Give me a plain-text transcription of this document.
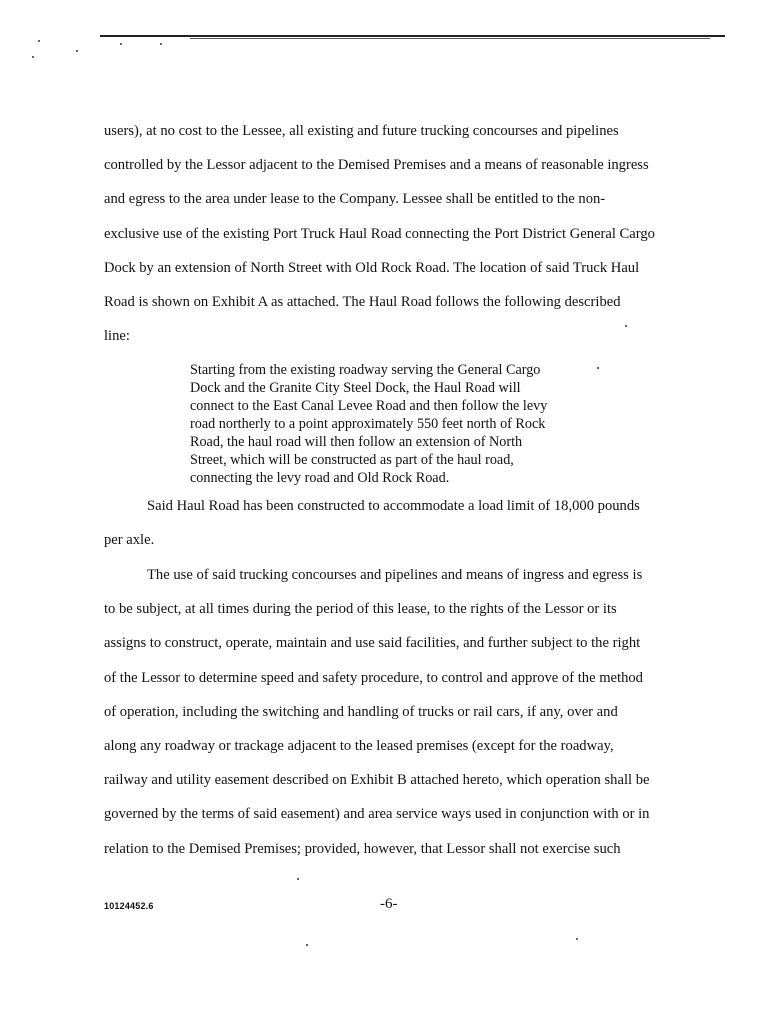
users), at no cost to the Lessee, all existing and future trucking concourses and pipelines

controlled by the Lessor adjacent to the Demised Premises and a means of reasonable ingress

and egress to the area under lease to the Company. Lessee shall be entitled to the non-

exclusive use of the existing Port Truck Haul Road connecting the Port District General Cargo

Dock by an extension of North Street with Old Rock Road. The location of said Truck Haul

Road is shown on Exhibit A as attached. The Haul Road follows the following described

line:

Starting from the existing roadway serving the General Cargo

Dock and the Granite City Steel Dock, the Haul Road will

connect to the East Canal Levee Road and then follow the levy

road northerly to a point approximately 550 feet north of Rock

Road, the haul road will then follow an extension of North

Street, which will be constructed as part of the haul road,

connecting the levy road and Old Rock Road.

Said Haul Road has been constructed to accommodate a load limit of 18,000 pounds

per axle.

The use of said trucking concourses and pipelines and means of ingress and egress is

to be subject, at all times during the period of this lease, to the rights of the Lessor or its

assigns to construct, operate, maintain and use said facilities, and further subject to the right

of the Lessor to determine speed and safety procedure, to control and approve of the method

of operation, including the switching and handling of trucks or rail cars, if any, over and

along any roadway or trackage adjacent to the leased premises (except for the roadway,

railway and utility easement described on Exhibit B attached hereto, which operation shall be

governed by the terms of said easement) and area service ways used in conjunction with or in

relation to the Demised Premises; provided, however, that Lessor shall not exercise such

10124452.6	-6-
